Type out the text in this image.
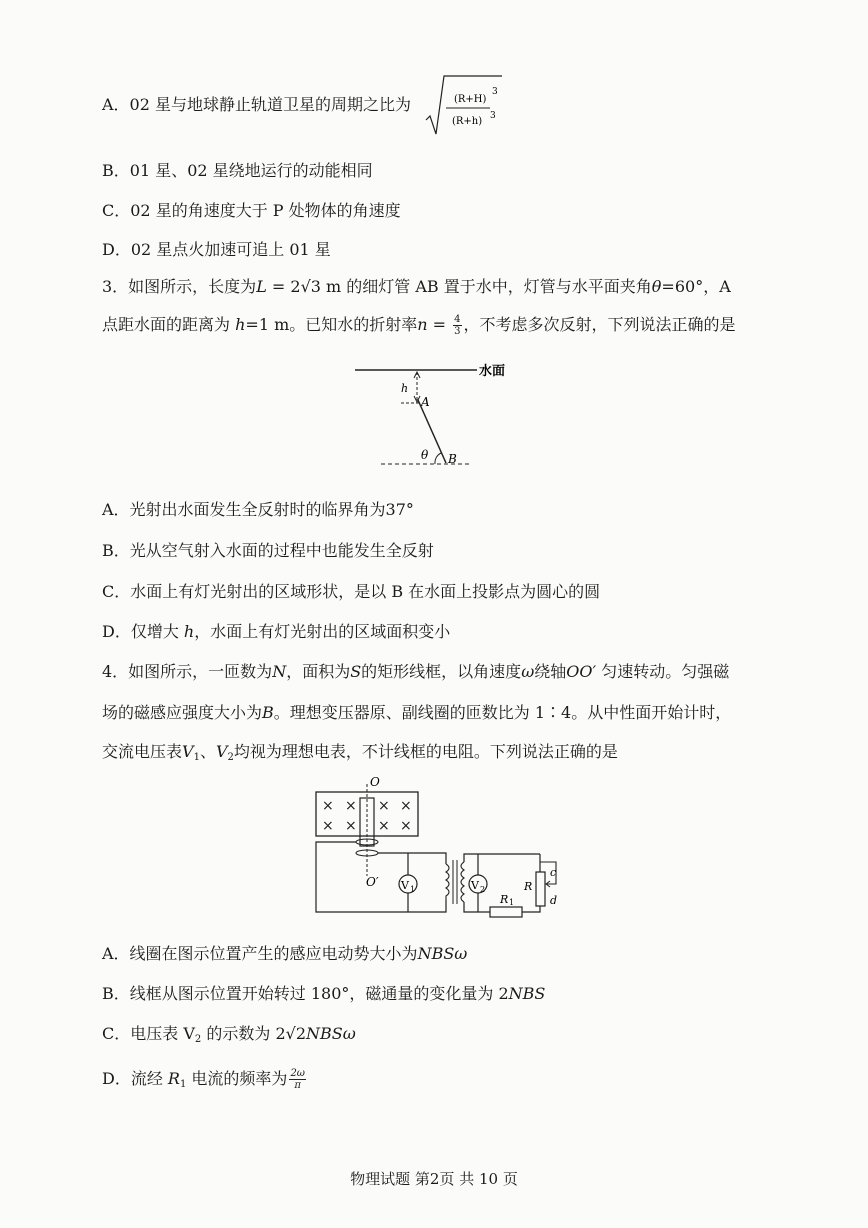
A．02 星与地球静止轨道卫星的周期之比为	(R+H)
3
(R+h) 3
B．01 星、02 星绕地运行的动能相同
C．02 星的角速度大于 P 处物体的角速度
D．02 星点火加速可追上 01 星
3．如图所示，长度为L = 2√3 m 的细灯管 AB 置于水中，灯管与水平面夹角θ=60°，A
点距水面的距离为 h=1 m。已知水的折射率$n = \frac{4}{3}$ ，不考虑多次反射，下列说法正确的是
水面
h
A
θ B
A．光射出水面发生全反射时的临界角为37°
B．光从空气射入水面的过程中也能发生全反射
C．水面上有灯光射出的区域形状，是以 B 在水面上投影点为圆心的圆
D．仅增大 h，水面上有灯光射出的区域面积变小
4．如图所示，一匝数为N，面积为S的矩形线框，以角速度ω绕轴OO′ 匀速转动。匀强磁
场的磁感应强度大小为B。理想变压器原、副线圈的匝数比为 1∶4。从中性面开始计时，
交流电压表$V_1$、$V_2$均视为理想电表，不计线框的电阻。下列说法正确的是
× × × ×
× × × ×
O
O′ V 1	V 2
R 1
R
c
d
A．线圈在图示位置产生的感应电动势大小为NBSω
B．线框从图示位置开始转过 180°，磁通量的变化量为 2NBS
C．电压表 $V_2$ 的示数为 2√2NBSω
D．流经 $R_1$ 电流的频率为 $\frac{2\omega}{\pi}$
物理试题 第2页 共 10 页
